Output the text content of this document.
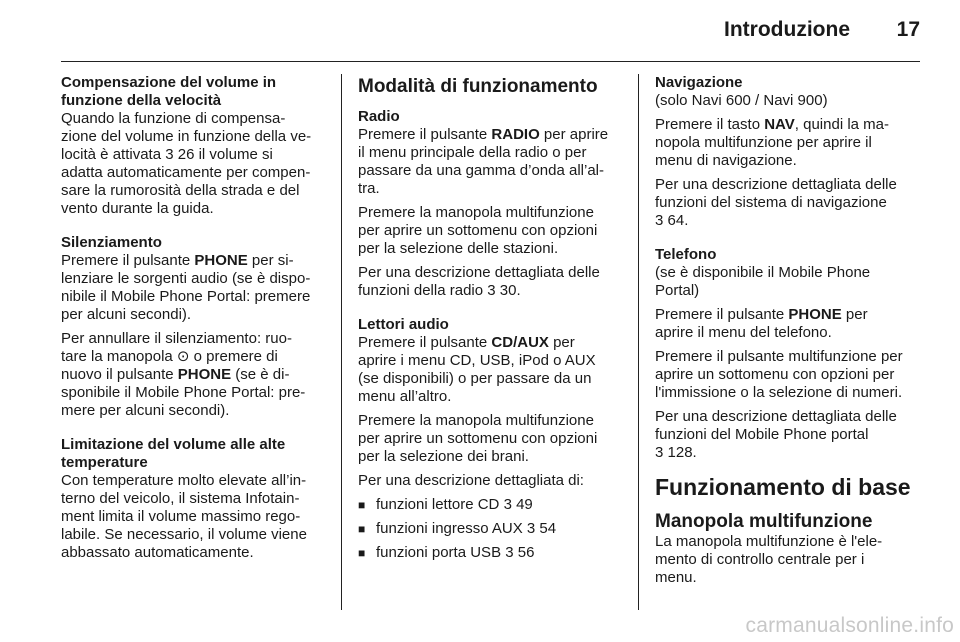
Introduzione	17
Compensazione del volume in
funzione della velocità

Quando la funzione di compensa-
zione del volume in funzione della ve-
locità è attivata 3 26 il volume si
adatta automaticamente per compen-
sare la rumorosità della strada e del
vento durante la guida.

Silenziamento

Premere il pulsante PHONE per si-
lenziare le sorgenti audio (se è dispo-
nibile il Mobile Phone Portal: premere
per alcuni secondi).

Per annullare il silenziamento: ruo-
tare la manopola ⊙ o premere di
nuovo il pulsante PHONE (se è di-
sponibile il Mobile Phone Portal: pre-
mere per alcuni secondi).

Limitazione del volume alle alte
temperature

Con temperature molto elevate all’in-
terno del veicolo, il sistema Infotain-
ment limita il volume massimo rego-
labile. Se necessario, il volume viene
abbassato automaticamente.

Modalità di funzionamento
Radio

Premere il pulsante RADIO per aprire
il menu principale della radio o per
passare da una gamma d’onda all’al-
tra.

Premere la manopola multifunzione
per aprire un sottomenu con opzioni
per la selezione delle stazioni.

Per una descrizione dettagliata delle
funzioni della radio 3 30.

Lettori audio

Premere il pulsante CD/AUX per
aprire i menu CD, USB, iPod o AUX
(se disponibili) o per passare da un
menu all’altro.

Premere la manopola multifunzione
per aprire un sottomenu con opzioni
per la selezione dei brani.

Per una descrizione dettagliata di:

■ funzioni lettore CD 3 49
■ funzioni ingresso AUX 3 54
■ funzioni porta USB 3 56
Navigazione

(solo Navi 600 / Navi 900)

Premere il tasto NAV, quindi la ma-
nopola multifunzione per aprire il
menu di navigazione.

Per una descrizione dettagliata delle
funzioni del sistema di navigazione
3 64.

Telefono

(se è disponibile il Mobile Phone
Portal)

Premere il pulsante PHONE per
aprire il menu del telefono.

Premere il pulsante multifunzione per
aprire un sottomenu con opzioni per
l'immissione o la selezione di numeri.

Per una descrizione dettagliata delle
funzioni del Mobile Phone portal
3 128.

Funzionamento di base
Manopola multifunzione

La manopola multifunzione è l'ele-
mento di controllo centrale per i
menu.

carmanualsonline.info
